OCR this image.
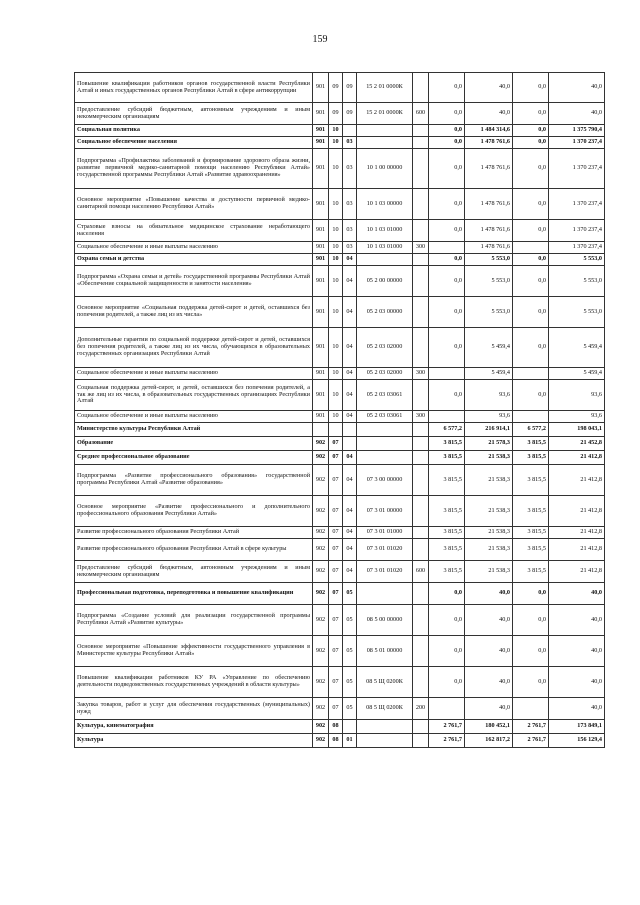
159
Повышение квалификации работников органов государственной власти Республики Алтай и иных государственных органов Республики Алтай в сфере антикоррупции	901	09	09	15 2 01 0000К		0,0	40,0	0,0	40,0
Предоставление субсидий бюджетным, автономным учреждениям и иным некоммерческим организациям	901	09	09	15 2 01 0000К	600	0,0	40,0	0,0	40,0
Социальная политика	901	10				0,0	1 484 314,6	0,0	1 375 790,4
Социальное обеспечение населения	901	10	03			0,0	1 478 761,6	0,0	1 370 237,4
Подпрограмма «Профилактика заболеваний и формирование здорового образа жизни, развитие первичной медико-санитарной помощи населению Республики Алтай» государственной программы Республики Алтай «Развитие здравоохранения»	901	10	03	10 1 00 00000		0,0	1 478 761,6	0,0	1 370 237,4
Основное мероприятие «Повышение качества и доступности первичной медико-санитарной помощи населению Республики Алтай»	901	10	03	10 1 03 00000		0,0	1 478 761,6	0,0	1 370 237,4
Страховые взносы на обязательное медицинское страхование неработающего населения	901	10	03	10 1 03 01000		0,0	1 478 761,6	0,0	1 370 237,4
Социальное обеспечение и иные выплаты населению	901	10	03	10 1 03 01000	300		1 478 761,6		1 370 237,4
Охрана семьи и детства	901	10	04			0,0	5 553,0	0,0	5 553,0
Подпрограмма «Охрана семьи и детей» государственной программы Республики Алтай «Обеспечение социальной защищенности и занятости населения»	901	10	04	05 2 00 00000		0,0	5 553,0	0,0	5 553,0
Основное мероприятие «Социальная поддержка детей-сирот и детей, оставшихся без попечения родителей, а также лиц из их числа»	901	10	04	05 2 03 00000		0,0	5 553,0	0,0	5 553,0
Дополнительные гарантии по социальной поддержке детей-сирот и детей, оставшихся без попечения родителей, а также лиц из их числа, обучающихся в образовательных государственных организациях Республики Алтай	901	10	04	05 2 03 02000		0,0	5 459,4	0,0	5 459,4
Социальное обеспечение и иные выплаты населению	901	10	04	05 2 03 02000	300		5 459,4		5 459,4
Социальная поддержка детей-сирот, и детей, оставшихся без попечения родителей, а так же лиц из их числа, в образовательных государственных организациях Республики Алтай	901	10	04	05 2 03 03061		0,0	93,6	0,0	93,6
Социальное обеспечение и иные выплаты населению	901	10	04	05 2 03 03061	300		93,6		93,6
Министерство культуры Республики Алтай						6 577,2	216 914,1	6 577,2	198 043,1
Образование	902	07				3 815,5	21 578,3	3 815,5	21 452,8
Среднее профессиональное образование	902	07	04			3 815,5	21 538,3	3 815,5	21 412,8
Подпрограмма «Развитие профессионального образования» государственной программы Республики Алтай «Развитие образования»	902	07	04	07 3 00 00000		3 815,5	21 538,3	3 815,5	21 412,8
Основное мероприятие «Развитие профессионального и дополнительного профессионального образования Республики Алтай»	902	07	04	07 3 01 00000		3 815,5	21 538,3	3 815,5	21 412,8
Развитие профессионального образования Республики Алтай	902	07	04	07 3 01 01000		3 815,5	21 538,3	3 815,5	21 412,8
Развитие профессионального образования Республики Алтай в сфере культуры	902	07	04	07 3 01 01020		3 815,5	21 538,3	3 815,5	21 412,8
Предоставление субсидий бюджетным, автономным учреждениям и иным некоммерческим организациям	902	07	04	07 3 01 01020	600	3 815,5	21 538,3	3 815,5	21 412,8
Профессиональная подготовка, переподготовка и повышение квалификации	902	07	05			0,0	40,0	0,0	40,0
Подпрограмма «Создание условий для реализации государственной программы Республики Алтай «Развитие культуры»	902	07	05	08 5 00 00000		0,0	40,0	0,0	40,0
Основное мероприятие «Повышение эффективности государственного управления в Министерстве культуры Республики Алтай»	902	07	05	08 5 01 00000		0,0	40,0	0,0	40,0
Повышение квалификации работников КУ РА «Управление по обеспечению деятельности подведомственных государственных учреждений в области культуры»	902	07	05	08 5 Щ 0200К		0,0	40,0	0,0	40,0
Закупка товаров, работ и услуг для обеспечения государственных (муниципальных) нужд	902	07	05	08 5 Щ 0200К	200		40,0		40,0
Культура, кинематография	902	08				2 761,7	180 452,1	2 761,7	173 849,1
Культура	902	08	01			2 761,7	162 817,2	2 761,7	156 129,4
